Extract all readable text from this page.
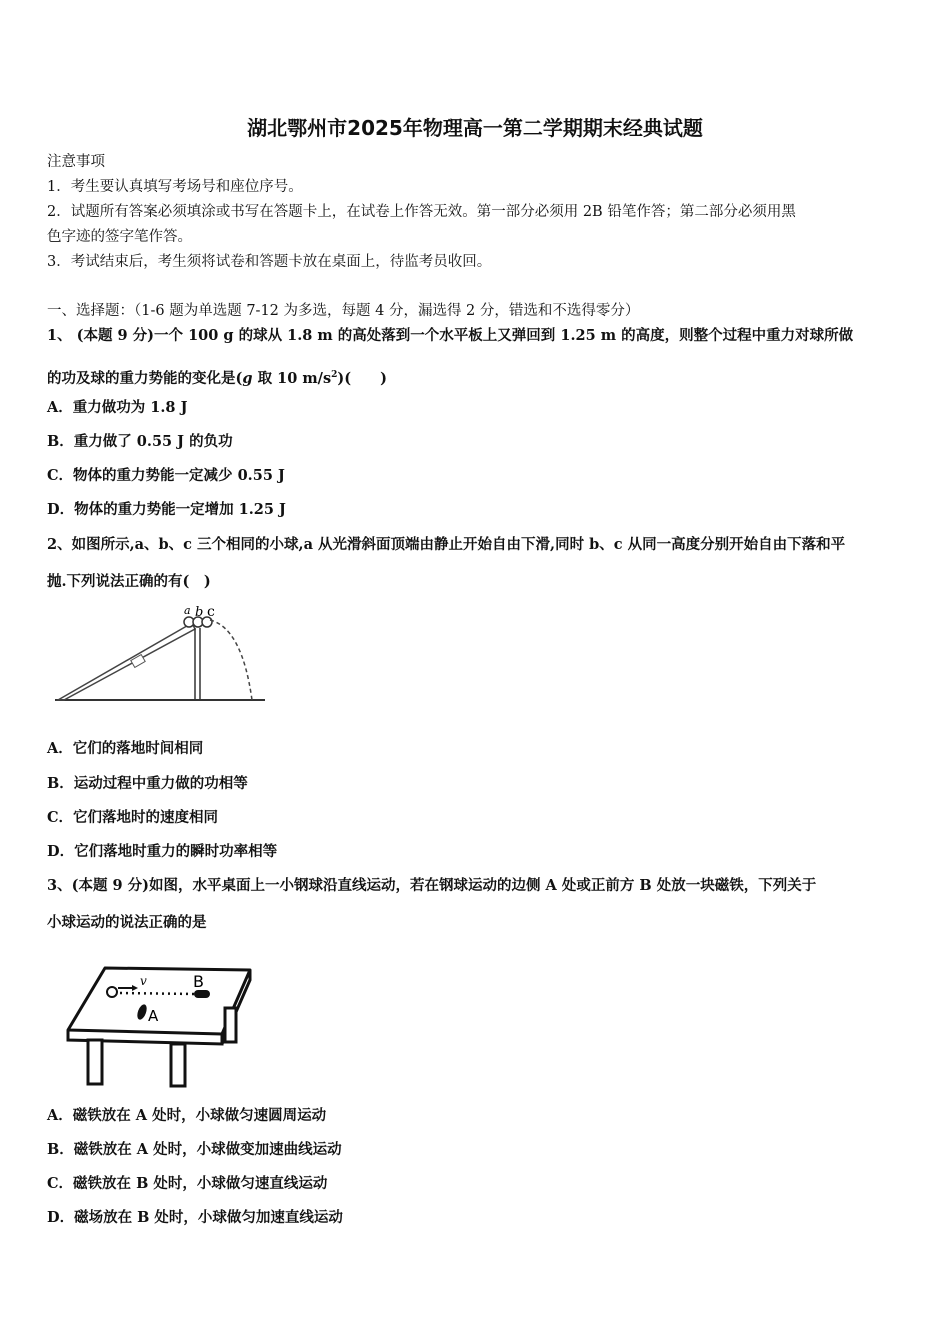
湖北鄂州市2025年物理高一第二学期期末经典试题
注意事项
1．考生要认真填写考场号和座位序号。
2．试题所有答案必须填涂或书写在答题卡上，在试卷上作答无效。第一部分必须用 2B 铅笔作答；第二部分必须用黑
色字迹的签字笔作答。
3．考试结束后，考生须将试卷和答题卡放在桌面上，待监考员收回。
一、选择题：（1-6 题为单选题 7-12 为多选，每题 4 分，漏选得 2 分，错选和不选得零分）
1、 (本题 9 分)一个 100 g 的球从 1.8 m 的高处落到一个水平板上又弹回到 1.25 m 的高度，则整个过程中重力对球所做
的功及球的重力势能的变化是(g 取 10 $m/s^2$)(　　)
A．重力做功为 1.8 J
B．重力做了 0.55 J 的负功
C．物体的重力势能一定减少 0.55 J
D．物体的重力势能一定增加 1.25 J
2、如图所示,a、b、c 三个相同的小球,a 从光滑斜面顶端由静止开始自由下滑,同时 b、c 从同一高度分别开始自由下落和平
抛.下列说法正确的有(　)
a b c
A．它们的落地时间相同
B．运动过程中重力做的功相等
C．它们落地时的速度相同
D．它们落地时重力的瞬时功率相等
3、(本题 9 分)如图，水平桌面上一小钢球沿直线运动，若在钢球运动的边侧 A 处或正前方 B 处放一块磁铁，下列关于
小球运动的说法正确的是
v	B
A
A．磁铁放在 A 处时，小球做匀速圆周运动
B．磁铁放在 A 处时，小球做变加速曲线运动
C．磁铁放在 B 处时，小球做匀速直线运动
D．磁场放在 B 处时，小球做匀加速直线运动
